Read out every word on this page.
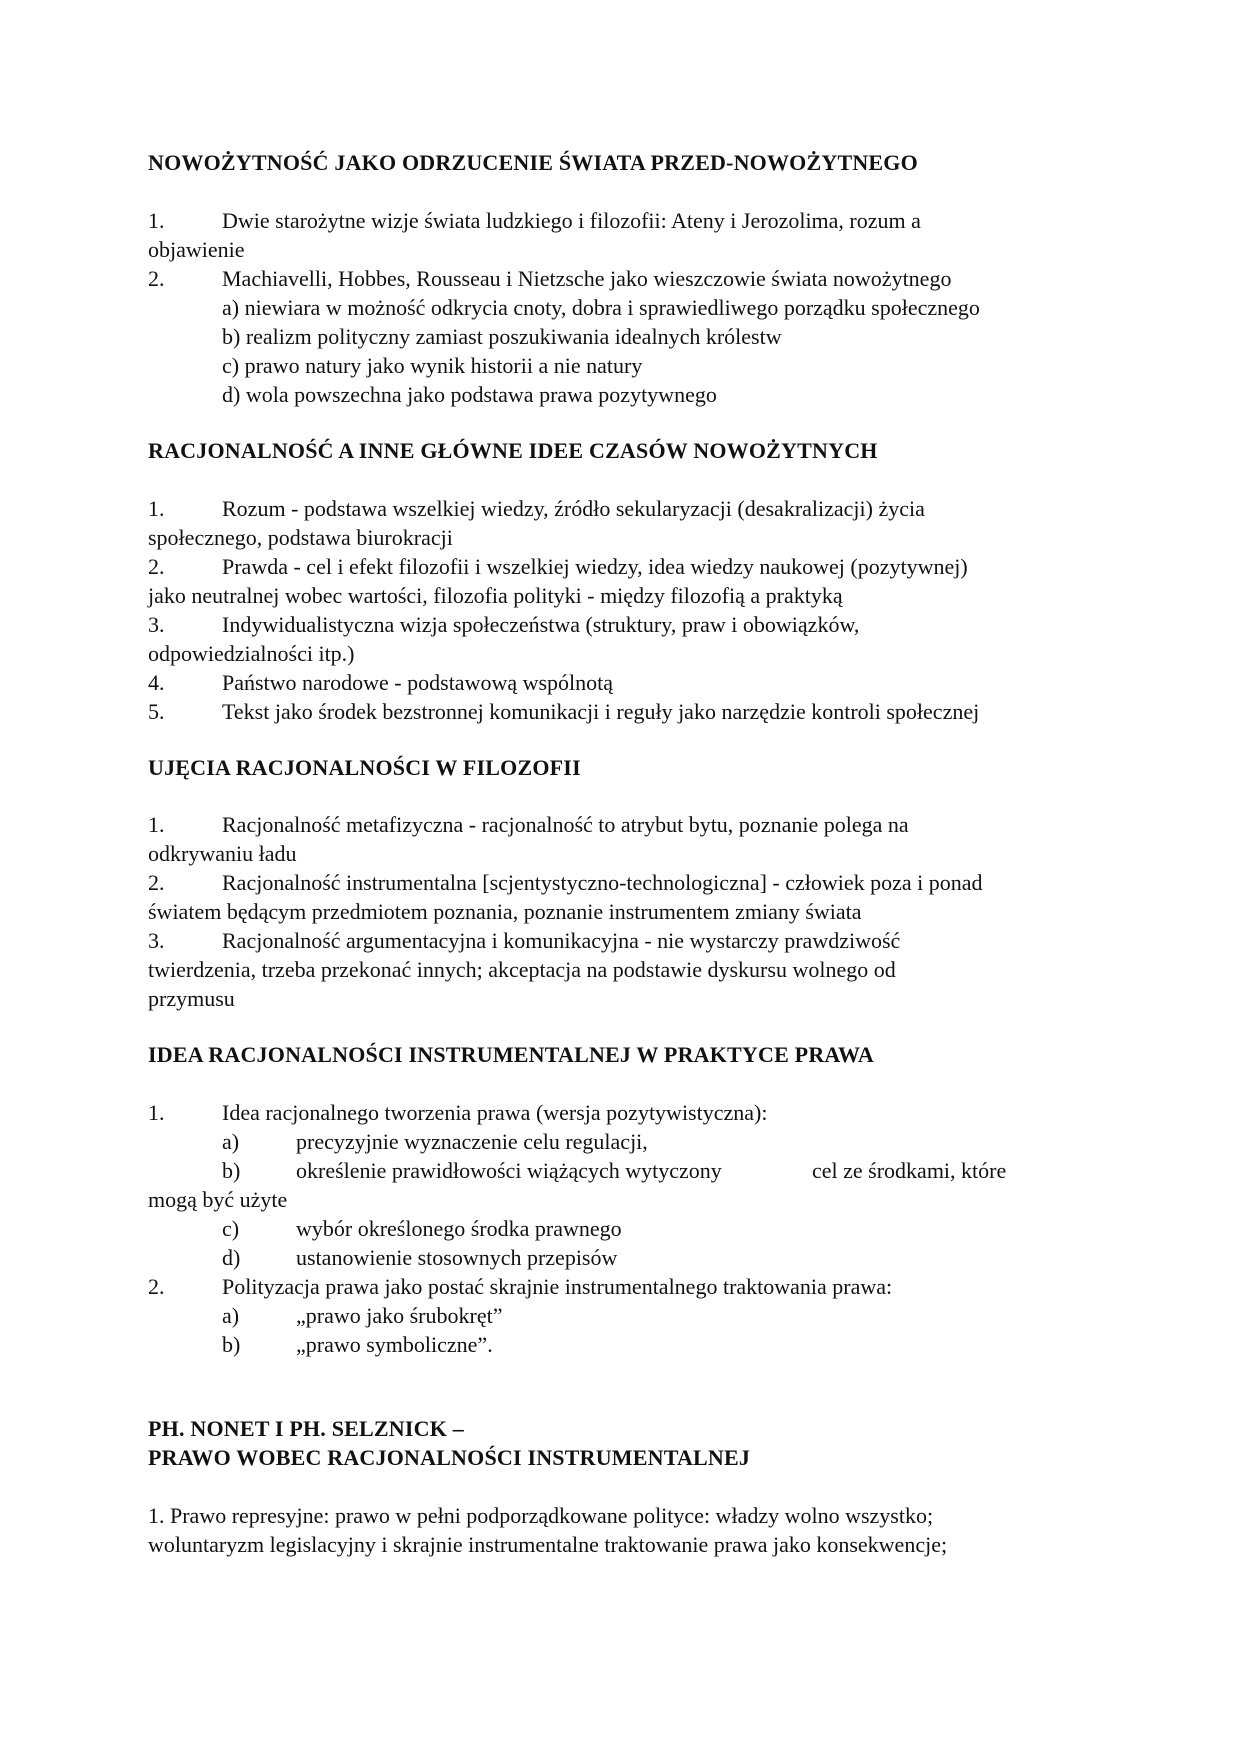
NOWOŻYTNOŚĆ JAKO ODRZUCENIE ŚWIATA PRZED-NOWOŻYTNEGO
1.	Dwie starożytne wizje świata ludzkiego i filozofii: Ateny i Jerozolima, rozum a
objawienie
2.	Machiavelli, Hobbes, Rousseau i Nietzsche jako wieszczowie świata nowożytnego
a) niewiara w możność odkrycia cnoty, dobra i sprawiedliwego porządku społecznego
b) realizm polityczny zamiast poszukiwania idealnych królestw
c) prawo natury jako wynik historii a nie natury
d) wola powszechna jako podstawa prawa pozytywnego
RACJONALNOŚĆ A INNE GŁÓWNE IDEE CZASÓW NOWOŻYTNYCH
1.	Rozum - podstawa wszelkiej wiedzy, źródło sekularyzacji (desakralizacji) życia
społecznego, podstawa biurokracji
2.	Prawda - cel i efekt filozofii i wszelkiej wiedzy, idea wiedzy naukowej (pozytywnej)
jako neutralnej wobec wartości, filozofia polityki - między filozofią a praktyką
3.	Indywidualistyczna wizja społeczeństwa (struktury, praw i obowiązków,
odpowiedzialności itp.)
4.	Państwo narodowe - podstawową wspólnotą
5.	Tekst jako środek bezstronnej komunikacji i reguły jako narzędzie kontroli społecznej
UJĘCIA RACJONALNOŚCI W FILOZOFII
1.	Racjonalność metafizyczna - racjonalność to atrybut bytu, poznanie polega na
odkrywaniu ładu
2.	Racjonalność instrumentalna [scjentystyczno-technologiczna] - człowiek poza i ponad
światem będącym przedmiotem poznania, poznanie instrumentem zmiany świata
3.	Racjonalność argumentacyjna i komunikacyjna - nie wystarczy prawdziwość
twierdzenia, trzeba przekonać innych; akceptacja na podstawie dyskursu wolnego od
przymusu
IDEA RACJONALNOŚCI INSTRUMENTALNEJ W PRAKTYCE PRAWA
1.	Idea racjonalnego tworzenia prawa (wersja pozytywistyczna):
a)	precyzyjnie wyznaczenie celu regulacji,
b)	określenie prawidłowości wiążących wytyczony	cel ze środkami, które
mogą być użyte
c)	wybór określonego środka prawnego
d)	ustanowienie stosownych przepisów
2.	Polityzacja prawa jako postać skrajnie instrumentalnego traktowania prawa:
a)	„prawo jako śrubokręt”
b)	„prawo symboliczne”.
PH. NONET I PH. SELZNICK –
PRAWO WOBEC RACJONALNOŚCI INSTRUMENTALNEJ
1. Prawo represyjne: prawo w pełni podporządkowane polityce: władzy wolno wszystko;
woluntaryzm legislacyjny i skrajnie instrumentalne traktowanie prawa jako konsekwencje;
